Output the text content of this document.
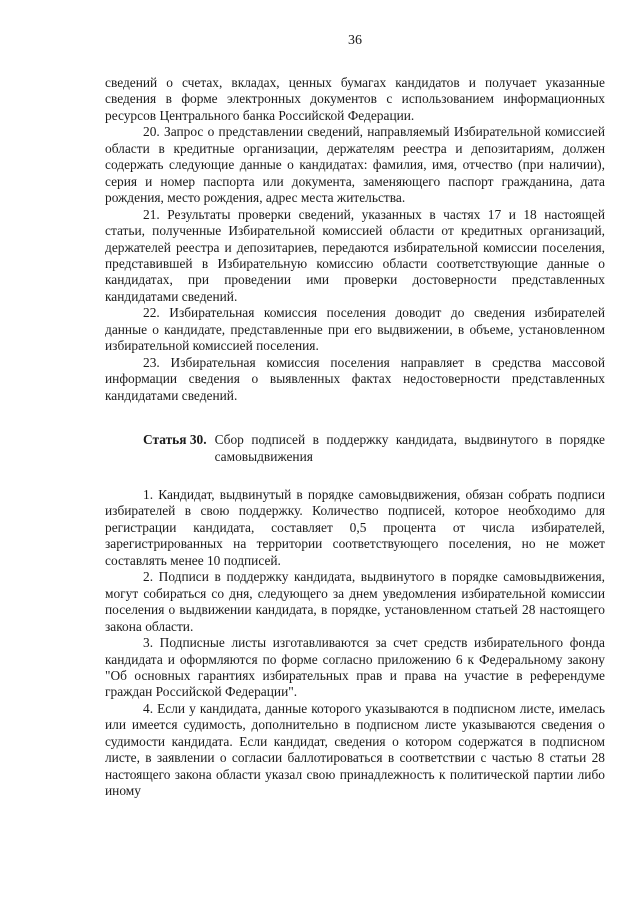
36

сведений о счетах, вкладах, ценных бумагах кандидатов и получает указанные сведения в форме электронных документов с использованием информационных ресурсов Центрального банка Российской Федерации.

20. Запрос о представлении сведений, направляемый Избирательной комиссией области в кредитные организации, держателям реестра и депозитариям, должен содержать следующие данные о кандидатах: фамилия, имя, отчество (при наличии), серия и номер паспорта или документа, заменяющего паспорт гражданина, дата рождения, место рождения, адрес места жительства.

21. Результаты проверки сведений, указанных в частях 17 и 18 настоящей статьи, полученные Избирательной комиссией области от кредитных организаций, держателей реестра и депозитариев, передаются избирательной комиссии поселения, представившей в Избирательную комиссию области соответствующие данные о кандидатах, при проведении ими проверки достоверности представленных кандидатами сведений.

22. Избирательная комиссия поселения доводит до сведения избирателей данные о кандидате, представленные при его выдвижении, в объеме, установленном избирательной комиссией поселения.

23. Избирательная комиссия поселения направляет в средства массовой информации сведения о выявленных фактах недостоверности представленных кандидатами сведений.

Статья 30. Сбор подписей в поддержку кандидата, выдвинутого в порядке самовыдвижения

1. Кандидат, выдвинутый в порядке самовыдвижения, обязан собрать подписи избирателей в свою поддержку. Количество подписей, которое необходимо для регистрации кандидата, составляет 0,5 процента от числа избирателей, зарегистрированных на территории соответствующего поселения, но не может составлять менее 10 подписей.

2. Подписи в поддержку кандидата, выдвинутого в порядке самовыдвижения, могут собираться со дня, следующего за днем уведомления избирательной комиссии поселения о выдвижении кандидата, в порядке, установленном статьей 28 настоящего закона области.

3. Подписные листы изготавливаются за счет средств избирательного фонда кандидата и оформляются по форме согласно приложению 6 к Федеральному закону "Об основных гарантиях избирательных прав и права на участие в референдуме граждан Российской Федерации".

4. Если у кандидата, данные которого указываются в подписном листе, имелась или имеется судимость, дополнительно в подписном листе указываются сведения о судимости кандидата. Если кандидат, сведения о котором содержатся в подписном листе, в заявлении о согласии баллотироваться в соответствии с частью 8 статьи 28 настоящего закона области указал свою принадлежность к политической партии либо иному
